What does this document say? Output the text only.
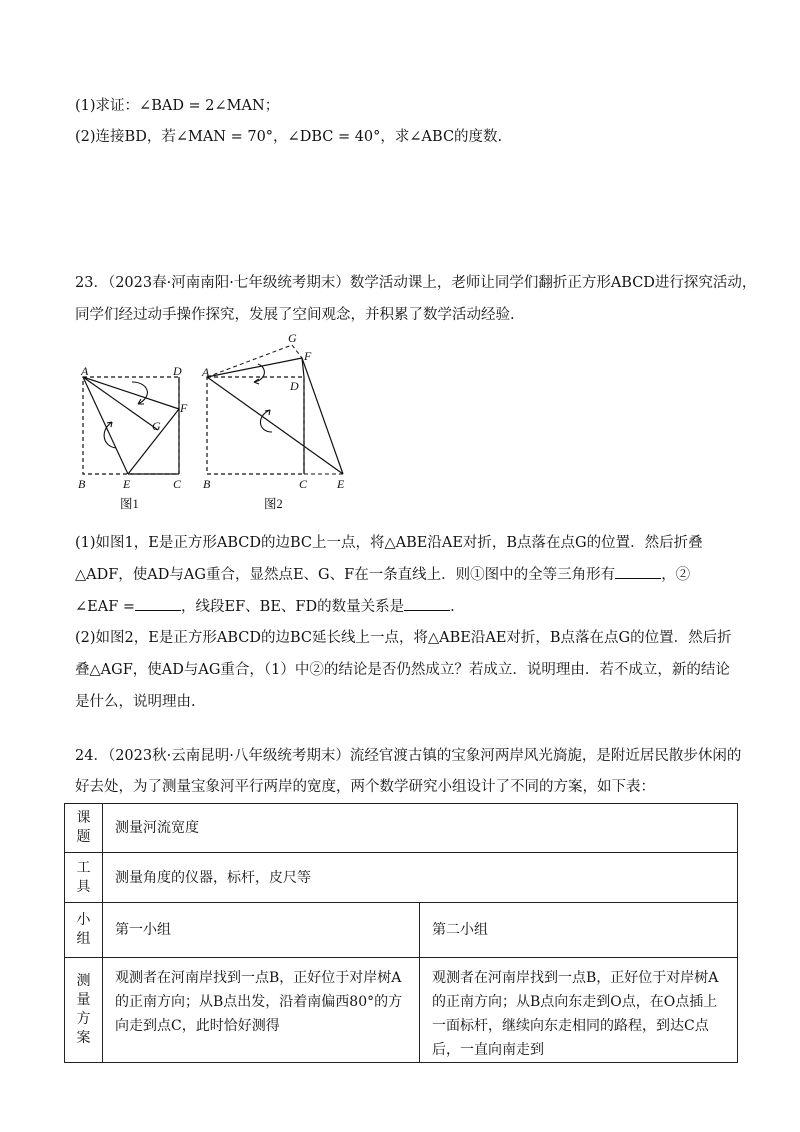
(1)求证：∠BAD = 2∠MAN；
(2)连接BD，若∠MAN = 70°，∠DBC = 40°，求∠ABC的度数.
23．（2023春·河南南阳·七年级统考期末）数学活动课上，老师让同学们翻折正方形ABCD进行探究活动，
同学们经过动手操作探究，发展了空间观念，并积累了数学活动经验.
A	D
F
G
B	E	C
图1
G
F
A
D
B	C E
图2
(1)如图1，E是正方形ABCD的边BC上一点，将△ABE沿AE对折，B点落在点G的位置．然后折叠
△ADF，使AD与AG重合，显然点E、G、F在一条直线上．则①图中的全等三角形有	，②
∠EAF =	，线段EF、BE、FD的数量关系是	.
(2)如图2，E是正方形ABCD的边BC延长线上一点，将△ABE沿AE对折，B点落在点G的位置．然后折
叠△AGF，使AD与AG重合，（1）中②的结论是否仍然成立？若成立．说明理由．若不成立，新的结论
是什么，说明理由.
24．（2023秋·云南昆明·八年级统考期末）流经官渡古镇的宝象河两岸风光旖旎，是附近居民散步休闲的
好去处，为了测量宝象河平行两岸的宽度，两个数学研究小组设计了不同的方案，如下表：
课题	测量河流宽度	
工具	测量角度的仪器，标杆，皮尺等	
小组	第一小组	第二小组
测量方案	观测者在河南岸找到一点B，正好位于对岸树A的正南方向；从B点出发，沿着南偏西80°的方向走到点C，此时恰好测得	观测者在河南岸找到一点B，正好位于对岸树A的正南方向；从B点向东走到O点，在O点插上一面标杆，继续向东走相同的路程，到达C点后，一直向南走到
